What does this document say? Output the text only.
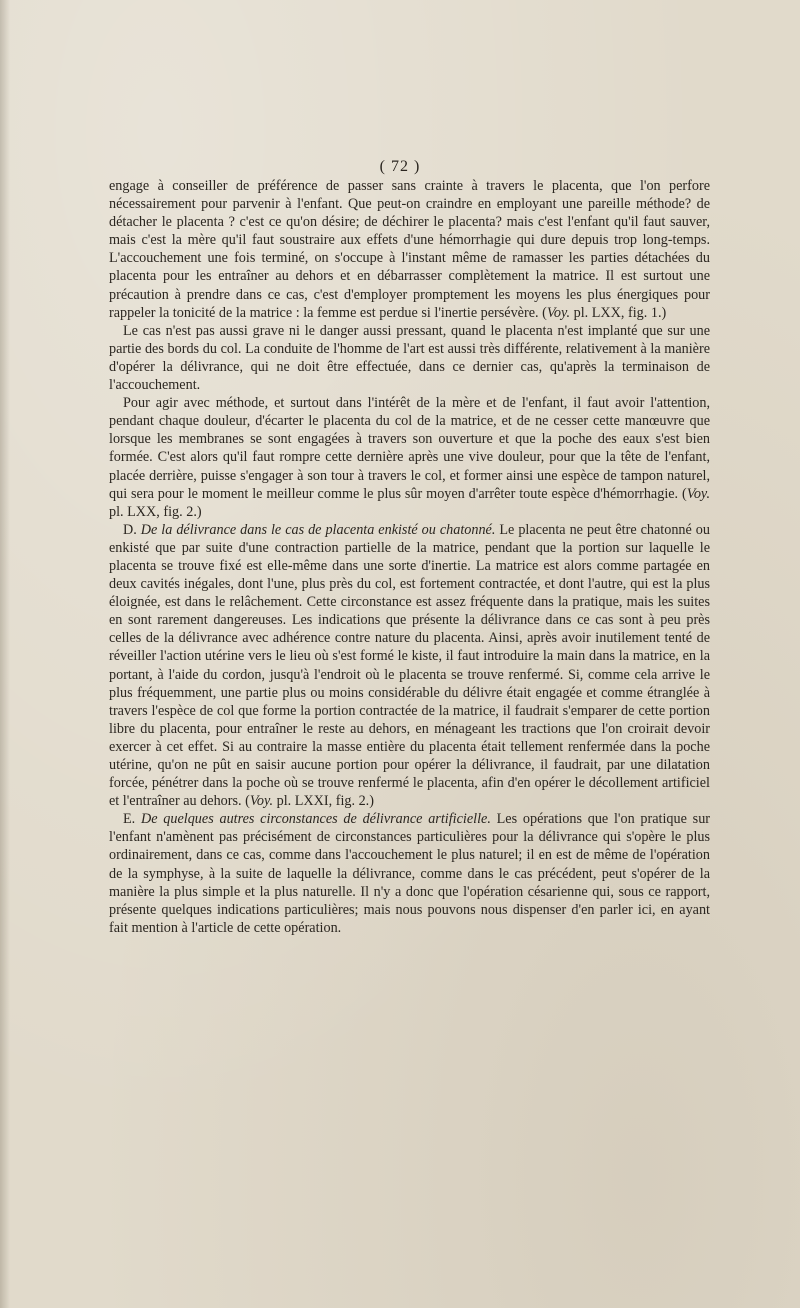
( 72 )

engage à conseiller de préférence de passer sans crainte à travers le placenta, que l'on perfore nécessairement pour parvenir à l'enfant. Que peut-on craindre en employant une pareille méthode? de détacher le placenta ? c'est ce qu'on désire; de déchirer le placenta? mais c'est l'enfant qu'il faut sauver, mais c'est la mère qu'il faut soustraire aux effets d'une hémorrhagie qui dure depuis trop long-temps. L'accouchement une fois terminé, on s'occupe à l'instant même de ramasser les parties détachées du placenta pour les entraîner au dehors et en débarrasser complètement la matrice. Il est surtout une précaution à prendre dans ce cas, c'est d'employer promptement les moyens les plus énergiques pour rappeler la tonicité de la matrice : la femme est perdue si l'inertie persévère. (Voy. pl. LXX, fig. 1.)

Le cas n'est pas aussi grave ni le danger aussi pressant, quand le placenta n'est implanté que sur une partie des bords du col. La conduite de l'homme de l'art est aussi très différente, relativement à la manière d'opérer la délivrance, qui ne doit être effectuée, dans ce dernier cas, qu'après la terminaison de l'accouchement.

Pour agir avec méthode, et surtout dans l'intérêt de la mère et de l'enfant, il faut avoir l'attention, pendant chaque douleur, d'écarter le placenta du col de la matrice, et de ne cesser cette manœuvre que lorsque les membranes se sont engagées à travers son ouverture et que la poche des eaux s'est bien formée. C'est alors qu'il faut rompre cette dernière après une vive douleur, pour que la tête de l'enfant, placée derrière, puisse s'engager à son tour à travers le col, et former ainsi une espèce de tampon naturel, qui sera pour le moment le meilleur comme le plus sûr moyen d'arrêter toute espèce d'hémorrhagie. (Voy. pl. LXX, fig. 2.)

D. De la délivrance dans le cas de placenta enkisté ou chatonné. Le placenta ne peut être chatonné ou enkisté que par suite d'une contraction partielle de la matrice, pendant que la portion sur laquelle le placenta se trouve fixé est elle-même dans une sorte d'inertie. La matrice est alors comme partagée en deux cavités inégales, dont l'une, plus près du col, est fortement contractée, et dont l'autre, qui est la plus éloignée, est dans le relâchement. Cette circonstance est assez fréquente dans la pratique, mais les suites en sont rarement dangereuses. Les indications que présente la délivrance dans ce cas sont à peu près celles de la délivrance avec adhérence contre nature du placenta. Ainsi, après avoir inutilement tenté de réveiller l'action utérine vers le lieu où s'est formé le kiste, il faut introduire la main dans la matrice, en la portant, à l'aide du cordon, jusqu'à l'endroit où le placenta se trouve renfermé. Si, comme cela arrive le plus fréquemment, une partie plus ou moins considérable du délivre était engagée et comme étranglée à travers l'espèce de col que forme la portion contractée de la matrice, il faudrait s'emparer de cette portion libre du placenta, pour entraîner le reste au dehors, en ménageant les tractions que l'on croirait devoir exercer à cet effet. Si au contraire la masse entière du placenta était tellement renfermée dans la poche utérine, qu'on ne pût en saisir aucune portion pour opérer la délivrance, il faudrait, par une dilatation forcée, pénétrer dans la poche où se trouve renfermé le placenta, afin d'en opérer le décollement artificiel et l'entraîner au dehors. (Voy. pl. LXXI, fig. 2.)

E. De quelques autres circonstances de délivrance artificielle. Les opérations que l'on pratique sur l'enfant n'amènent pas précisément de circonstances particulières pour la délivrance qui s'opère le plus ordinairement, dans ce cas, comme dans l'accouchement le plus naturel; il en est de même de l'opération de la symphyse, à la suite de laquelle la délivrance, comme dans le cas précédent, peut s'opérer de la manière la plus simple et la plus naturelle. Il n'y a donc que l'opération césarienne qui, sous ce rapport, présente quelques indications particulières; mais nous pouvons nous dispenser d'en parler ici, en ayant fait mention à l'article de cette opération.
